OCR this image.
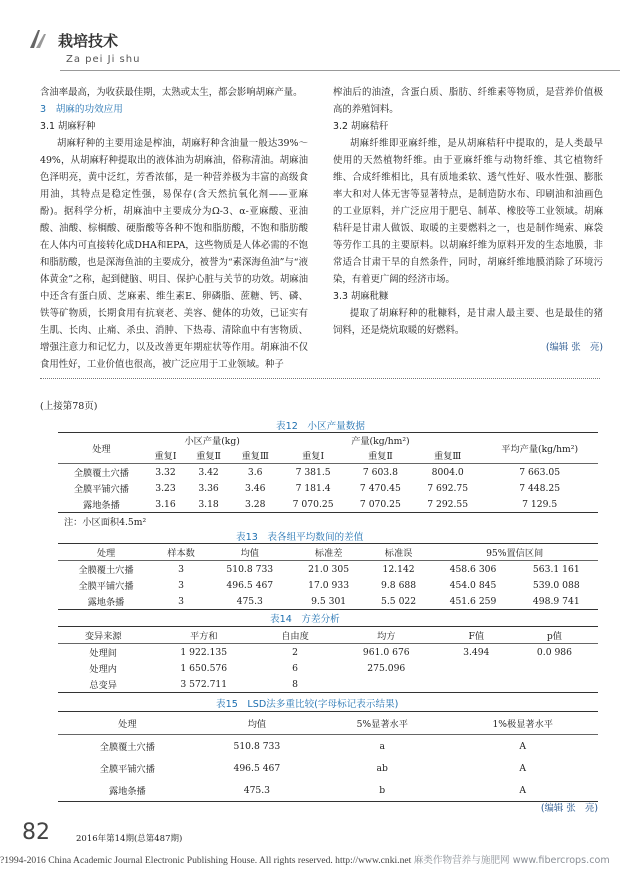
栽培技术
Za pei Ji shu

含油率最高，为收获最佳期，太熟或太生，都会影响胡麻产量。

3　胡麻的功效应用
3.1 胡麻籽种

胡麻籽种的主要用途是榨油，胡麻籽种含油量一般达39%～49%，从胡麻籽种提取出的液体油为胡麻油，俗称清油。胡麻油色泽明亮，黄中泛红，芳香浓郁，是一种营养极为丰富的高级食用油，其特点是稳定性强，易保存(含天然抗氧化剂——亚麻酚)。据科学分析，胡麻油中主要成分为Ω-3、α-亚麻酸、亚油酸、油酸、棕榈酸、硬脂酸等各种不饱和脂肪酸，不饱和脂肪酸在人体内可直接转化成DHA和EPA，这些物质是人体必需的不饱和脂肪酸，也是深海鱼油的主要成分，被誉为“素深海鱼油”与“液体黄金”之称，起到健脑、明目、保护心脏与关节的功效。胡麻油中还含有蛋白质、芝麻素、维生素E、卵磷脂、蔗糖、钙、磷、铁等矿物质，长期食用有抗衰老、美容、健体的功效，已证实有生肌、长肉、止痛、杀虫、消肿、下热毒、清除血中有害物质、增强注意力和记忆力，以及改善更年期症状等作用。胡麻油不仅食用性好，工业价值也很高，被广泛应用于工业领域。种子

榨油后的油渣，含蛋白质、脂肪、纤维素等物质，是营养价值极高的养殖饲料。

3.2 胡麻秸秆

胡麻纤维即亚麻纤维，是从胡麻秸秆中提取的，是人类最早使用的天然植物纤维。由于亚麻纤维与动物纤维、其它植物纤维、合成纤维相比，具有质地柔软、透气性好、吸水性强、膨胀率大和对人体无害等显著特点，是制造防水布、印刷油和油画色的工业原料，并广泛应用于肥皂、制革、橡胶等工业领域。胡麻秸秆是甘肃人做饭、取暖的主要燃料之一，也是制作绳索、麻袋等劳作工具的主要原料。以胡麻纤维为原料开发的生态地膜，非常适合甘肃干旱的自然条件，同时，胡麻纤维地膜消除了环境污染，有着更广阔的经济市场。

3.3 胡麻秕糠

提取了胡麻籽种的秕糠料，是甘肃人最主要、也是最佳的猪饲料，还是烧炕取暖的好燃料。

(编辑 张　亮)
(上接第78页)
表12　小区产量数据
处理	小区产量(kg)			产量(kg/hm²)			平均产量(kg/hm²)
	重复Ⅰ	重复Ⅱ	重复Ⅲ	重复Ⅰ	重复Ⅱ	重复Ⅲ	
全膜覆土穴播	3.32	3.42	3.6	7 381.5	7 603.8	8004.0	7 663.05
全膜平铺穴播	3.23	3.36	3.46	7 181.4	7 470.45	7 692.75	7 448.25
露地条播	3.16	3.18	3.28	7 070.25	7 070.25	7 292.55	7 129.5
注：小区面积4.5m²
表13　表各组平均数间的差值
处理	样本数	均值	标准差	标准误	95%置信区间	
全膜覆土穴播	3	510.8 733	21.0 305	12.142	458.6 306	563.1 161
全膜平铺穴播	3	496.5 467	17.0 933	9.8 688	454.0 845	539.0 088
露地条播	3	475.3	9.5 301	5.5 022	451.6 259	498.9 741
表14　方差分析
变异来源	平方和	自由度	均方	F值	p值
处理间	1 922.135	2	961.0 676	3.494	0.0 986
处理内	1 650.576	6	275.096		
总变异	3 572.711	8			
表15　LSD法多重比较(字母标记表示结果)
处理	均值	5%显著水平	1%极显著水平
全膜覆土穴播	510.8 733	a	A
全膜平铺穴播	496.5 467	ab	A
露地条播	475.3	b	A
(编辑 张　亮)
82	2016年第14期(总第487期)
?1994-2016 China Academic Journal Electronic Publishing House. All rights reserved. http://www.cnki.net 麻类作物营养与施肥网 www.fibercrops.com
